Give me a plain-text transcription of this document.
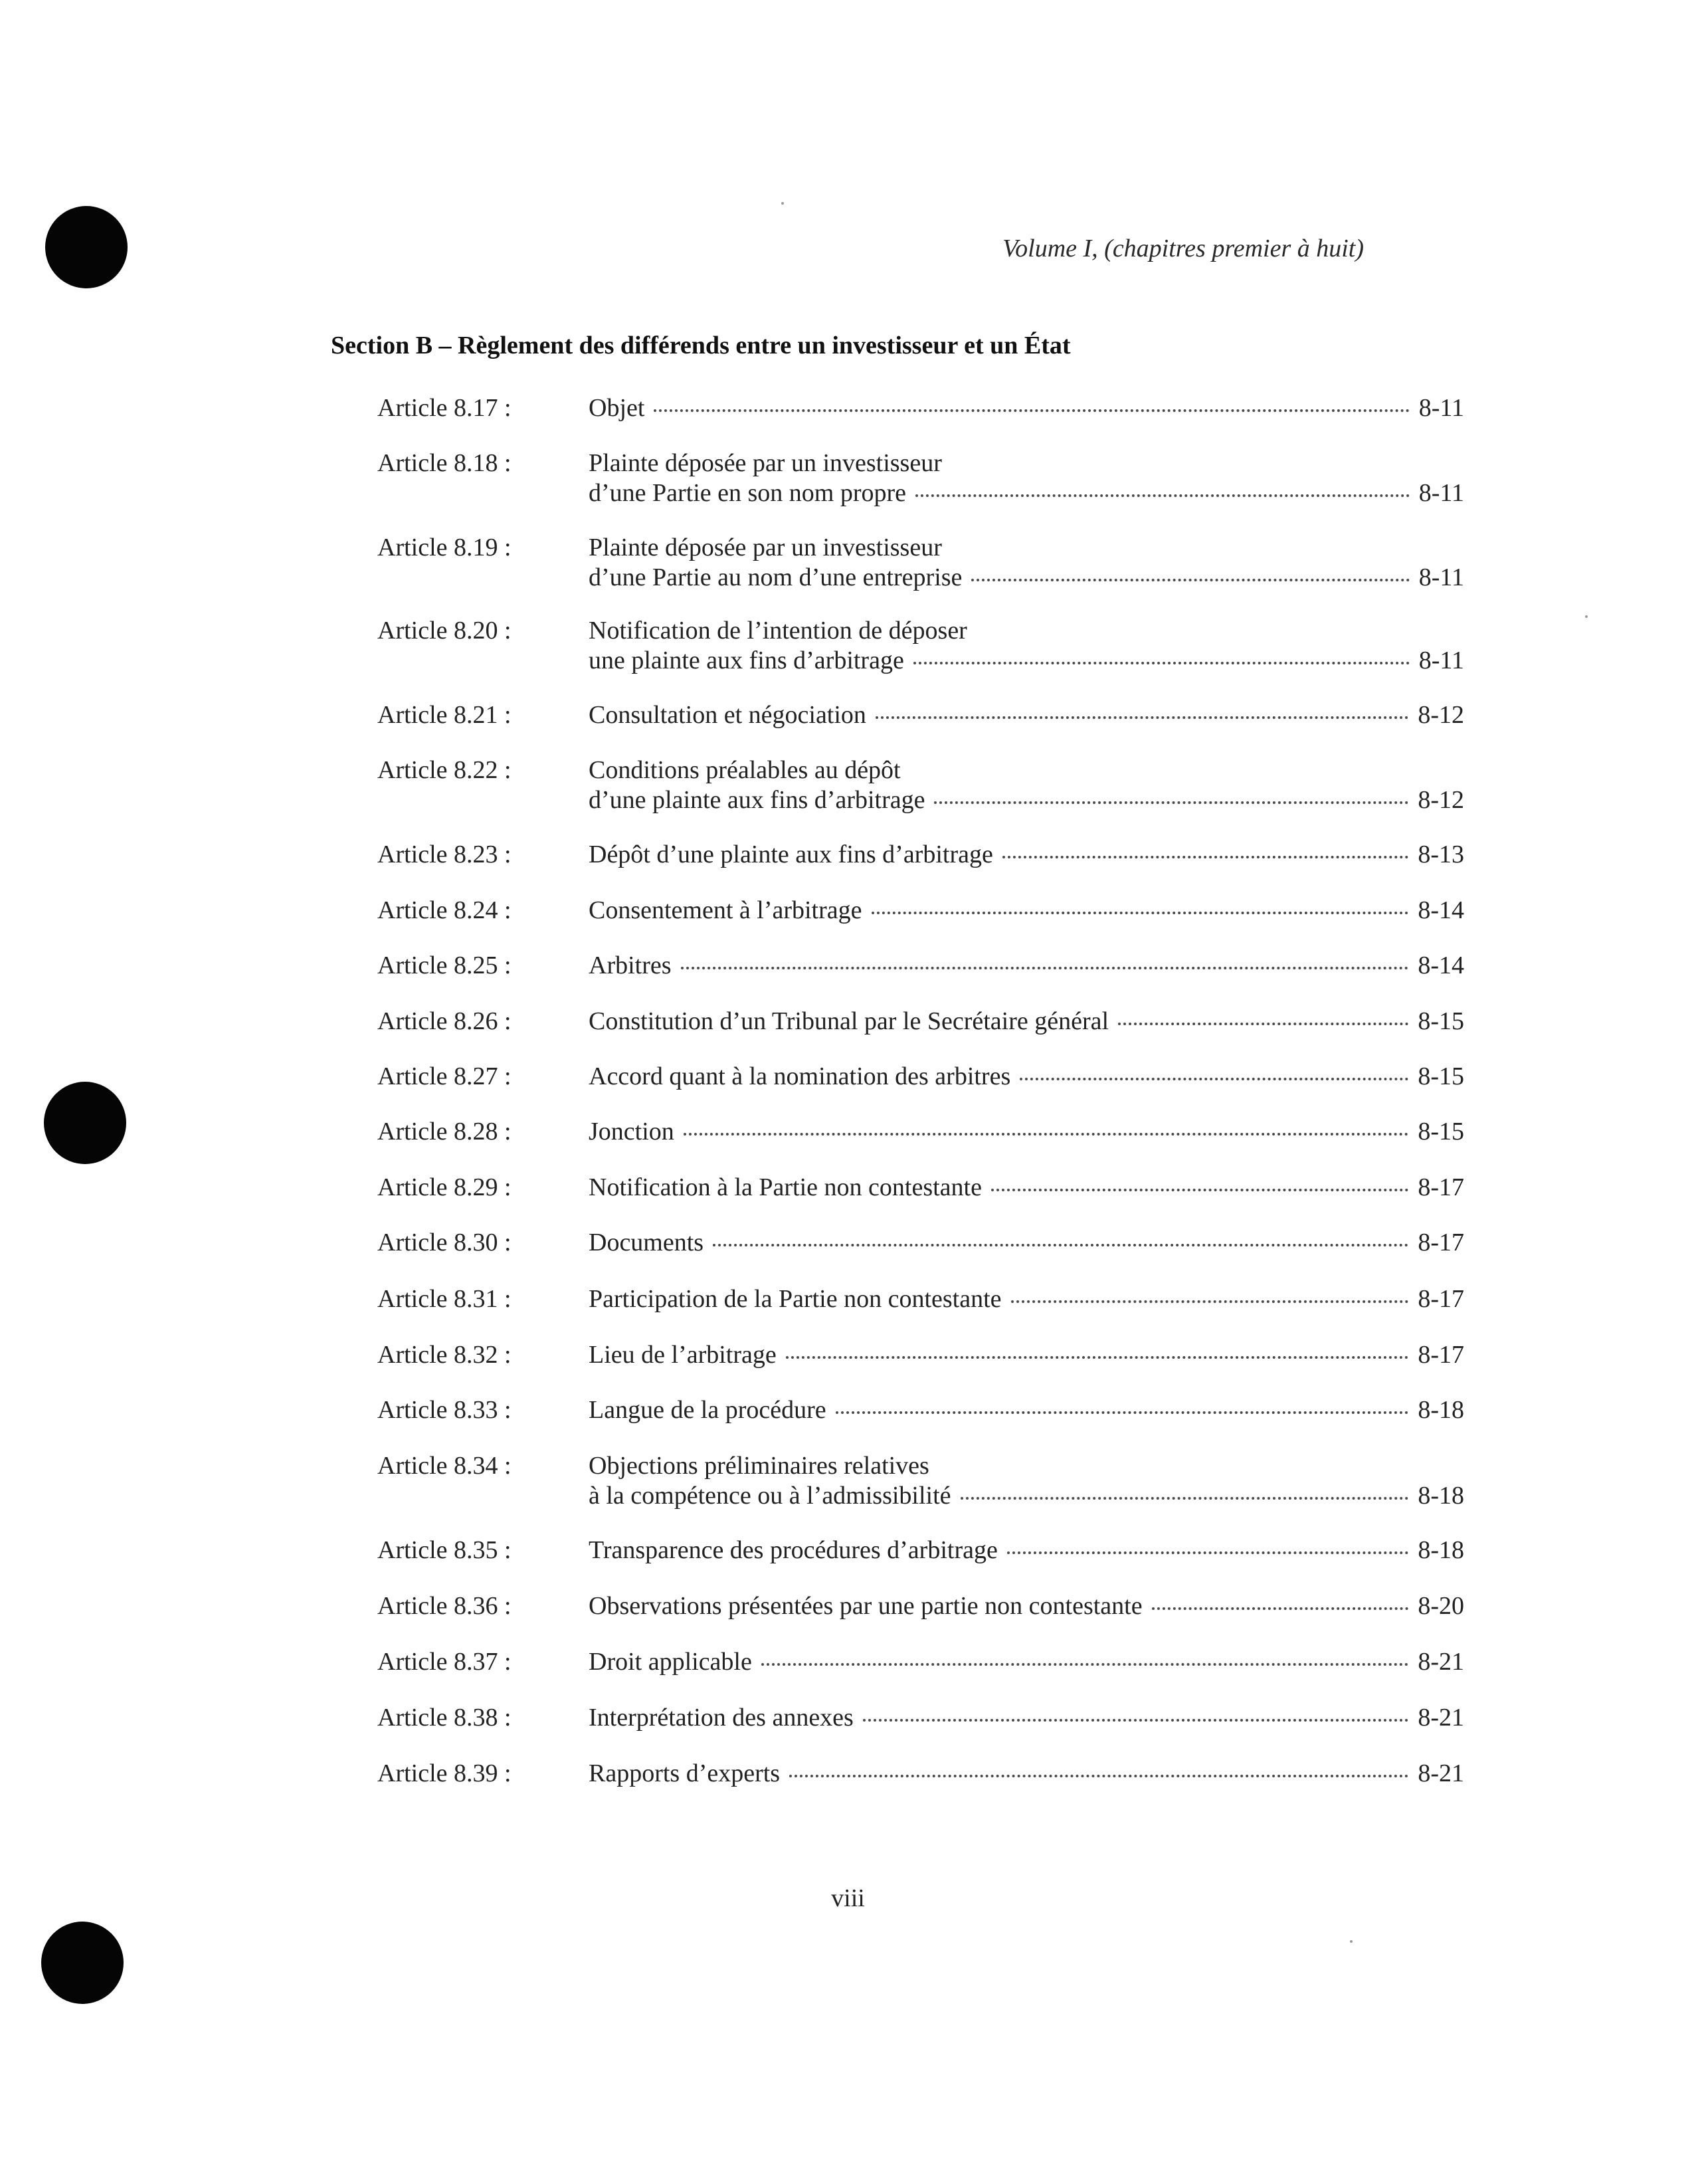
Volume I, (chapitres premier à huit)
Section B – Règlement des différends entre un investisseur et un État
Article 8.17 :	Objet	8-11
Article 8.18 :	Plainte déposée par un investisseur
d’une Partie en son nom propre	8-11
Article 8.19 :	Plainte déposée par un investisseur
d’une Partie au nom d’une entreprise	8-11
Article 8.20 :	Notification de l’intention de déposer
une plainte aux fins d’arbitrage	8-11
Article 8.21 :	Consultation et négociation	8-12
Article 8.22 :	Conditions préalables au dépôt
d’une plainte aux fins d’arbitrage	8-12
Article 8.23 :	Dépôt d’une plainte aux fins d’arbitrage	8-13
Article 8.24 :	Consentement à l’arbitrage	8-14
Article 8.25 :	Arbitres	8-14
Article 8.26 :	Constitution d’un Tribunal par le Secrétaire général	8-15
Article 8.27 :	Accord quant à la nomination des arbitres	8-15
Article 8.28 :	Jonction	8-15
Article 8.29 :	Notification à la Partie non contestante	8-17
Article 8.30 :	Documents	8-17
Article 8.31 :	Participation de la Partie non contestante	8-17
Article 8.32 :	Lieu de l’arbitrage	8-17
Article 8.33 :	Langue de la procédure	8-18
Article 8.34 :	Objections préliminaires relatives
à la compétence ou à l’admissibilité	8-18
Article 8.35 :	Transparence des procédures d’arbitrage	8-18
Article 8.36 :	Observations présentées par une partie non contestante	8-20
Article 8.37 :	Droit applicable	8-21
Article 8.38 :	Interprétation des annexes	8-21
Article 8.39 :	Rapports d’experts	8-21
viii
